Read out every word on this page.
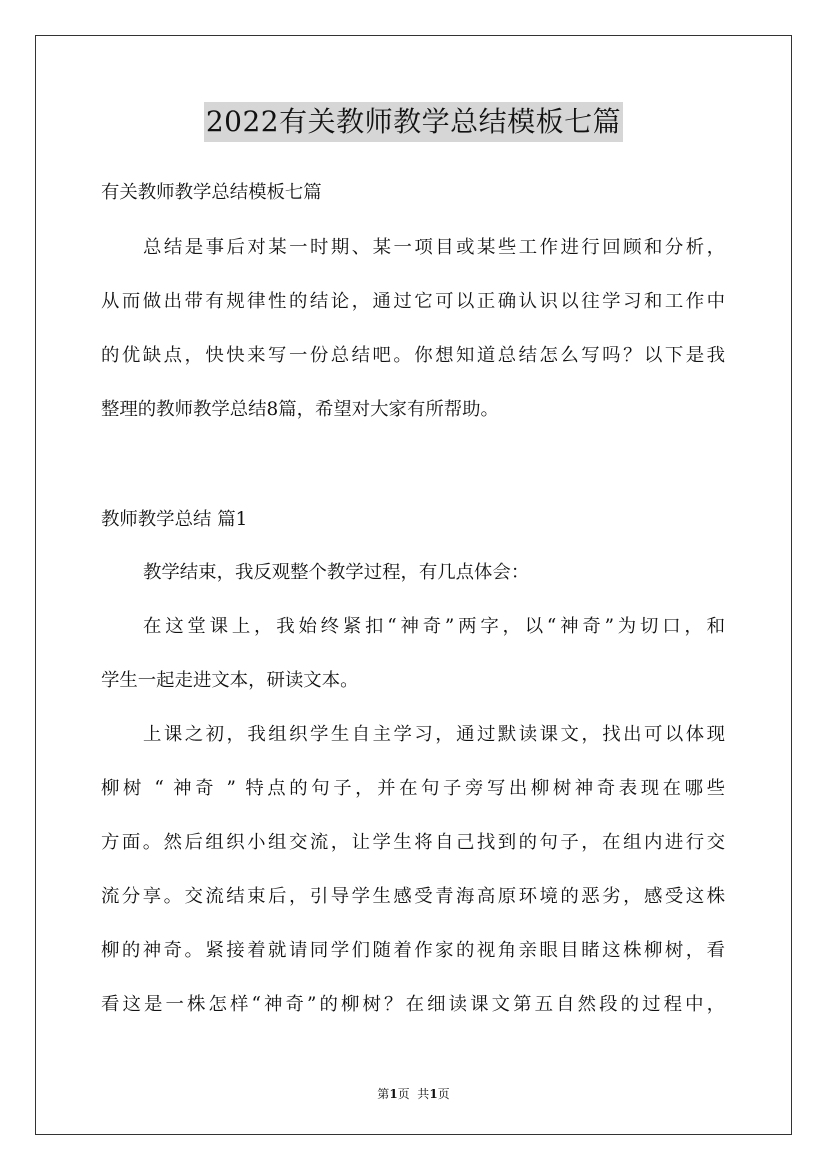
2022有关教师教学总结模板七篇
有关教师教学总结模板七篇
总结是事后对某一时期、某一项目或某些工作进行回顾和分析，
从而做出带有规律性的结论，通过它可以正确认识以往学习和工作中
的优缺点，快快来写一份总结吧。你想知道总结怎么写吗？以下是我
整理的教师教学总结8篇，希望对大家有所帮助。
教师教学总结 篇1
教学结束，我反观整个教学过程，有几点体会：
在这堂课上，我始终紧扣“神奇”两字，以“神奇”为切口，和
学生一起走进文本，研读文本。
上课之初，我组织学生自主学习，通过默读课文，找出可以体现
柳树 “ 神奇 ” 特点的句子，并在句子旁写出柳树神奇表现在哪些
方面。然后组织小组交流，让学生将自己找到的句子，在组内进行交
流分享。交流结束后，引导学生感受青海高原环境的恶劣，感受这株
柳的神奇。紧接着就请同学们随着作家的视角亲眼目睹这株柳树，看
看这是一株怎样“神奇”的柳树？在细读课文第五自然段的过程中，
第1页  共1页
